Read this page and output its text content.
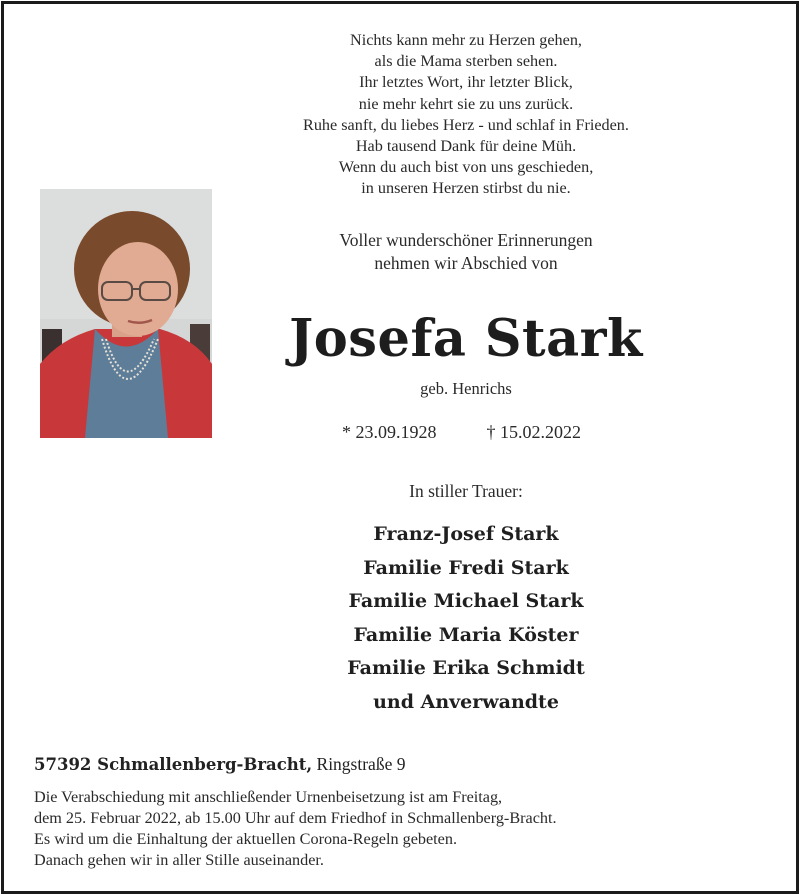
Nichts kann mehr zu Herzen gehen,
als die Mama sterben sehen.
Ihr letztes Wort, ihr letzter Blick,
nie mehr kehrt sie zu uns zurück.
Ruhe sanft, du liebes Herz - und schlaf in Frieden.
Hab tausend Dank für deine Müh.
Wenn du auch bist von uns geschieden,
in unseren Herzen stirbst du nie.
Voller wunderschöner Erinnerungen
nehmen wir Abschied von
Josefa Stark
geb. Henrichs
* 23.09.1928	† 15.02.2022
In stiller Trauer:
Franz-Josef Stark
Familie Fredi Stark
Familie Michael Stark
Familie Maria Köster
Familie Erika Schmidt
und Anverwandte
57392 Schmallenberg-Bracht, Ringstraße 9
Die Verabschiedung mit anschließender Urnenbeisetzung ist am Freitag,
dem 25. Februar 2022, ab 15.00 Uhr auf dem Friedhof in Schmallenberg-Bracht.
Es wird um die Einhaltung der aktuellen Corona-Regeln gebeten.
Danach gehen wir in aller Stille auseinander.
